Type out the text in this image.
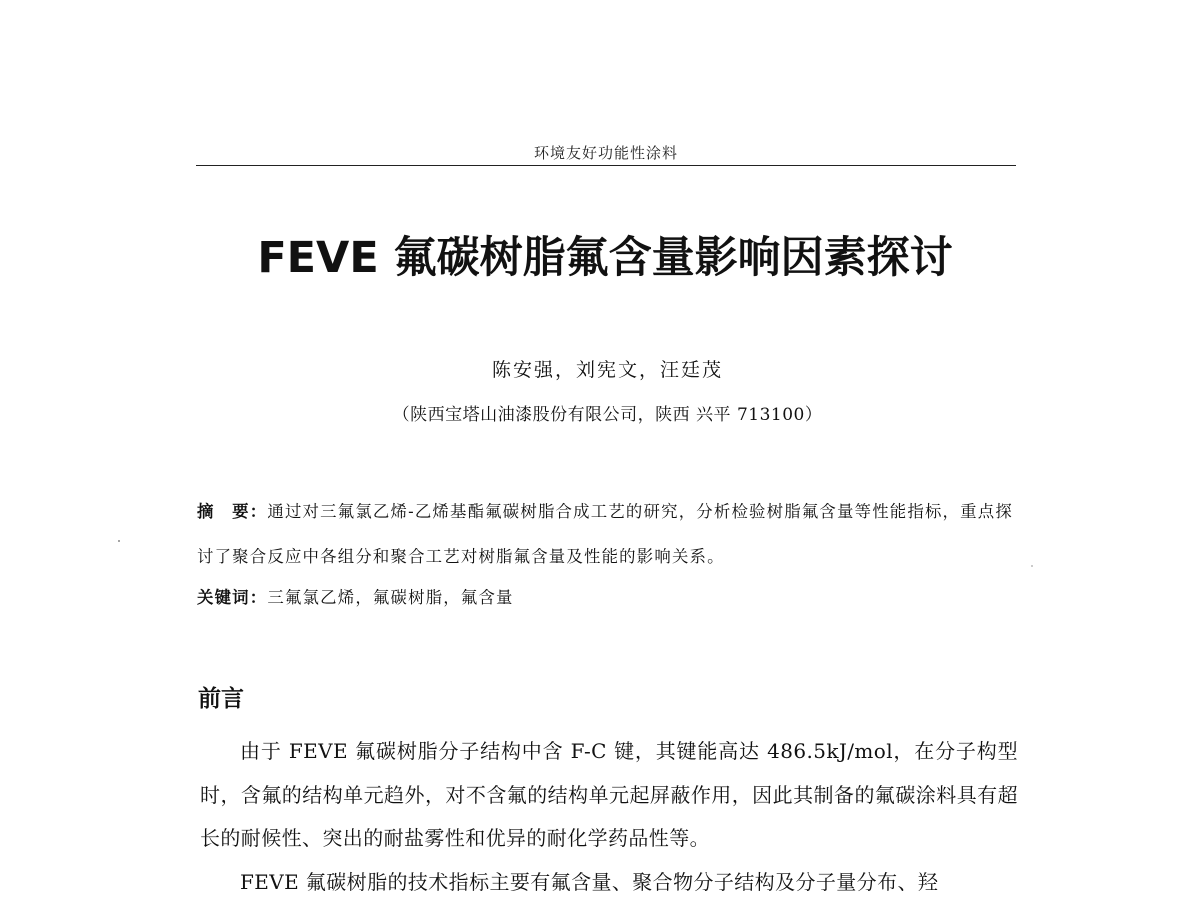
环境友好功能性涂料
FEVE 氟碳树脂氟含量影响因素探讨
陈安强，刘宪文，汪廷茂
（陕西宝塔山油漆股份有限公司，陕西 兴平 713100）
摘　要：通过对三氟氯乙烯-乙烯基酯氟碳树脂合成工艺的研究，分析检验树脂氟含量等性能指标，重点探讨了聚合反应中各组分和聚合工艺对树脂氟含量及性能的影响关系。
关键词：三氟氯乙烯，氟碳树脂，氟含量
前言

由于 FEVE 氟碳树脂分子结构中含 F-C 键，其键能高达 486.5kJ/mol，在分子构型时，含氟的结构单元趋外，对不含氟的结构单元起屏蔽作用，因此其制备的氟碳涂料具有超长的耐候性、突出的耐盐雾性和优异的耐化学药品性等。

FEVE 氟碳树脂的技术指标主要有氟含量、聚合物分子结构及分子量分布、羟
